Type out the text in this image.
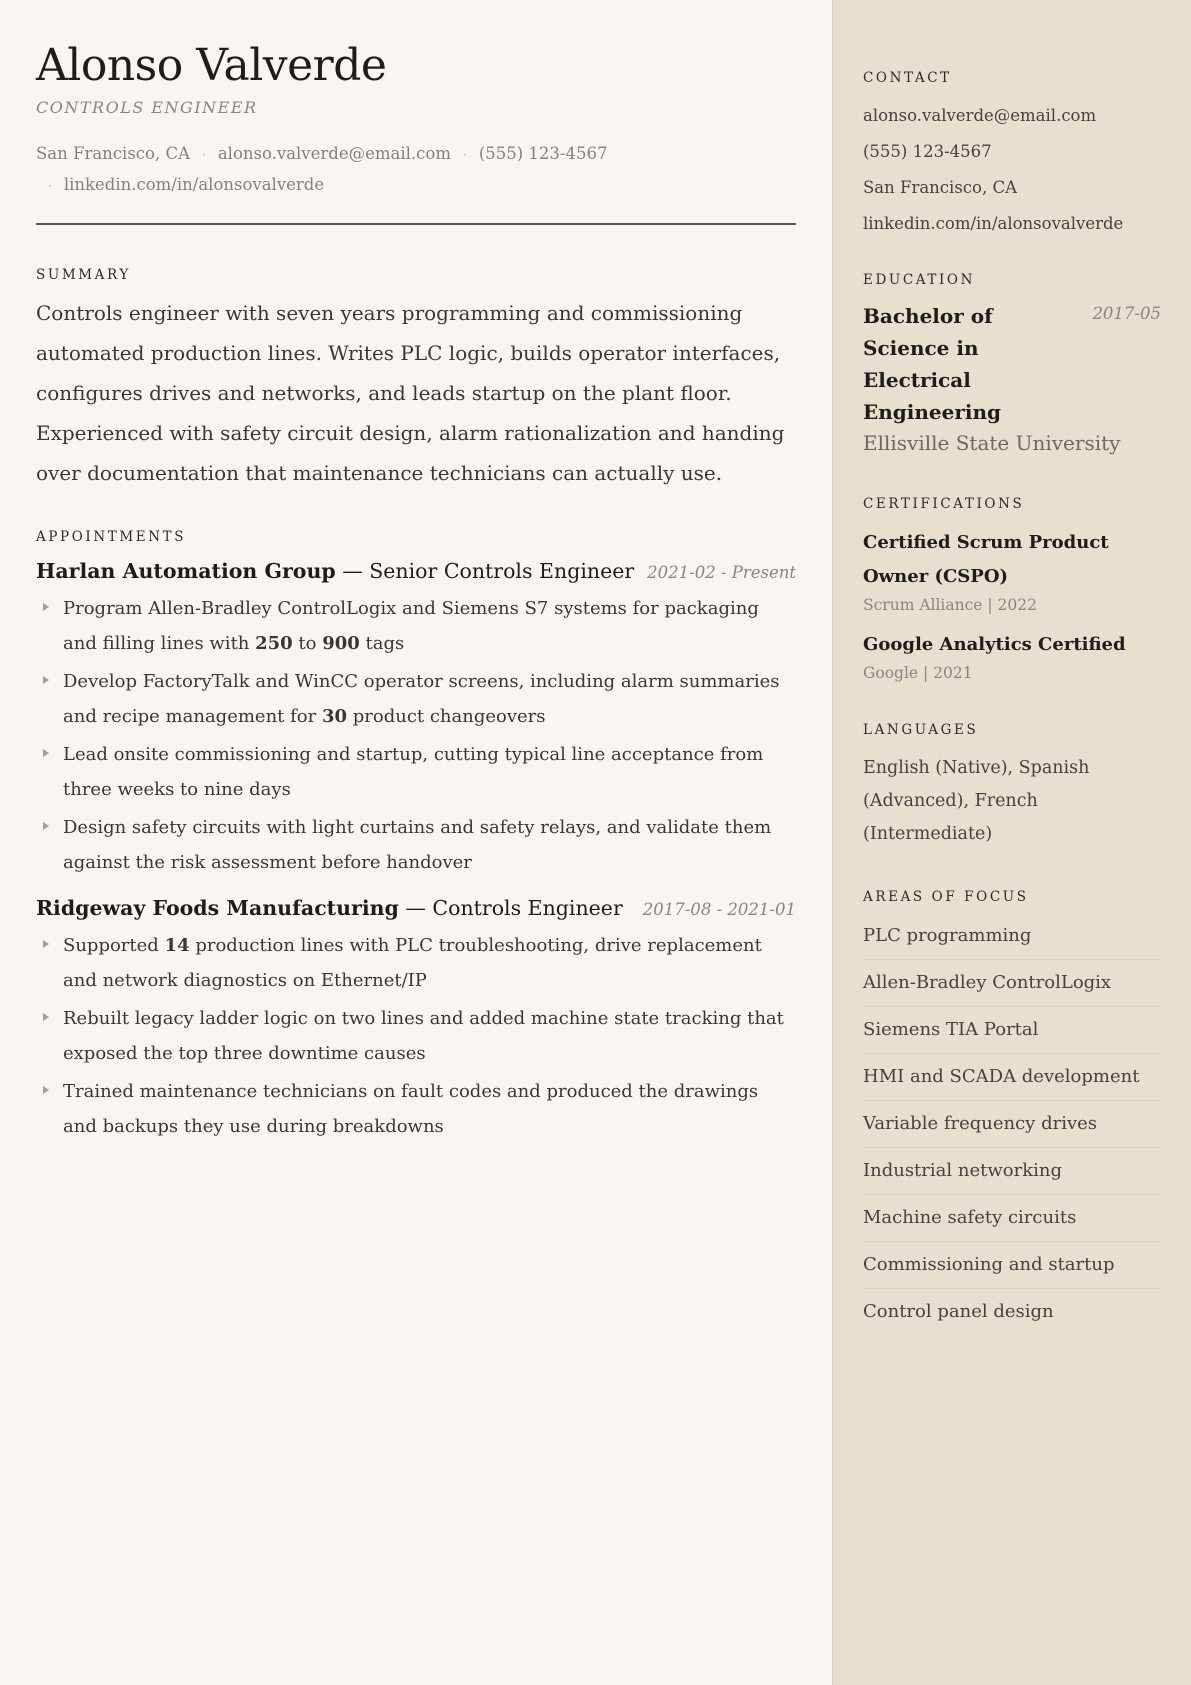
Alonso Valverde
CONTROLS ENGINEER
San Francisco, CA · alonso.valverde@email.com · (555) 123-4567
· linkedin.com/in/alonsovalverde
SUMMARY

Controls engineer with seven years programming and commissioning automated production lines. Writes PLC logic, builds operator interfaces, configures drives and networks, and leads startup on the plant floor. Experienced with safety circuit design, alarm rationalization and handing over documentation that maintenance technicians can actually use.

APPOINTMENTS
Harlan Automation Group — Senior Controls Engineer 2021-02 - Present
Program Allen-Bradley ControlLogix and Siemens S7 systems for packaging and filling lines with 250 to 900 tags
Develop FactoryTalk and WinCC operator screens, including alarm summaries and recipe management for 30 product changeovers
Lead onsite commissioning and startup, cutting typical line acceptance from three weeks to nine days
Design safety circuits with light curtains and safety relays, and validate them against the risk assessment before handover
Ridgeway Foods Manufacturing — Controls Engineer 2017-08 - 2021-01
Supported 14 production lines with PLC troubleshooting, drive replacement and network diagnostics on Ethernet/IP
Rebuilt legacy ladder logic on two lines and added machine state tracking that exposed the top three downtime causes
Trained maintenance technicians on fault codes and produced the drawings and backups they use during breakdowns
CONTACT
alonso.valverde@email.com
(555) 123-4567
San Francisco, CA
linkedin.com/in/alonsovalverde
EDUCATION
Bachelor of Science in Electrical Engineering
2017-05
Ellisville State University
CERTIFICATIONS
Certified Scrum Product Owner (CSPO)
Scrum Alliance | 2022
Google Analytics Certified
Google | 2021
LANGUAGES
English (Native), Spanish (Advanced), French (Intermediate)
AREAS OF FOCUS
PLC programming
Allen-Bradley ControlLogix
Siemens TIA Portal
HMI and SCADA development
Variable frequency drives
Industrial networking
Machine safety circuits
Commissioning and startup
Control panel design
